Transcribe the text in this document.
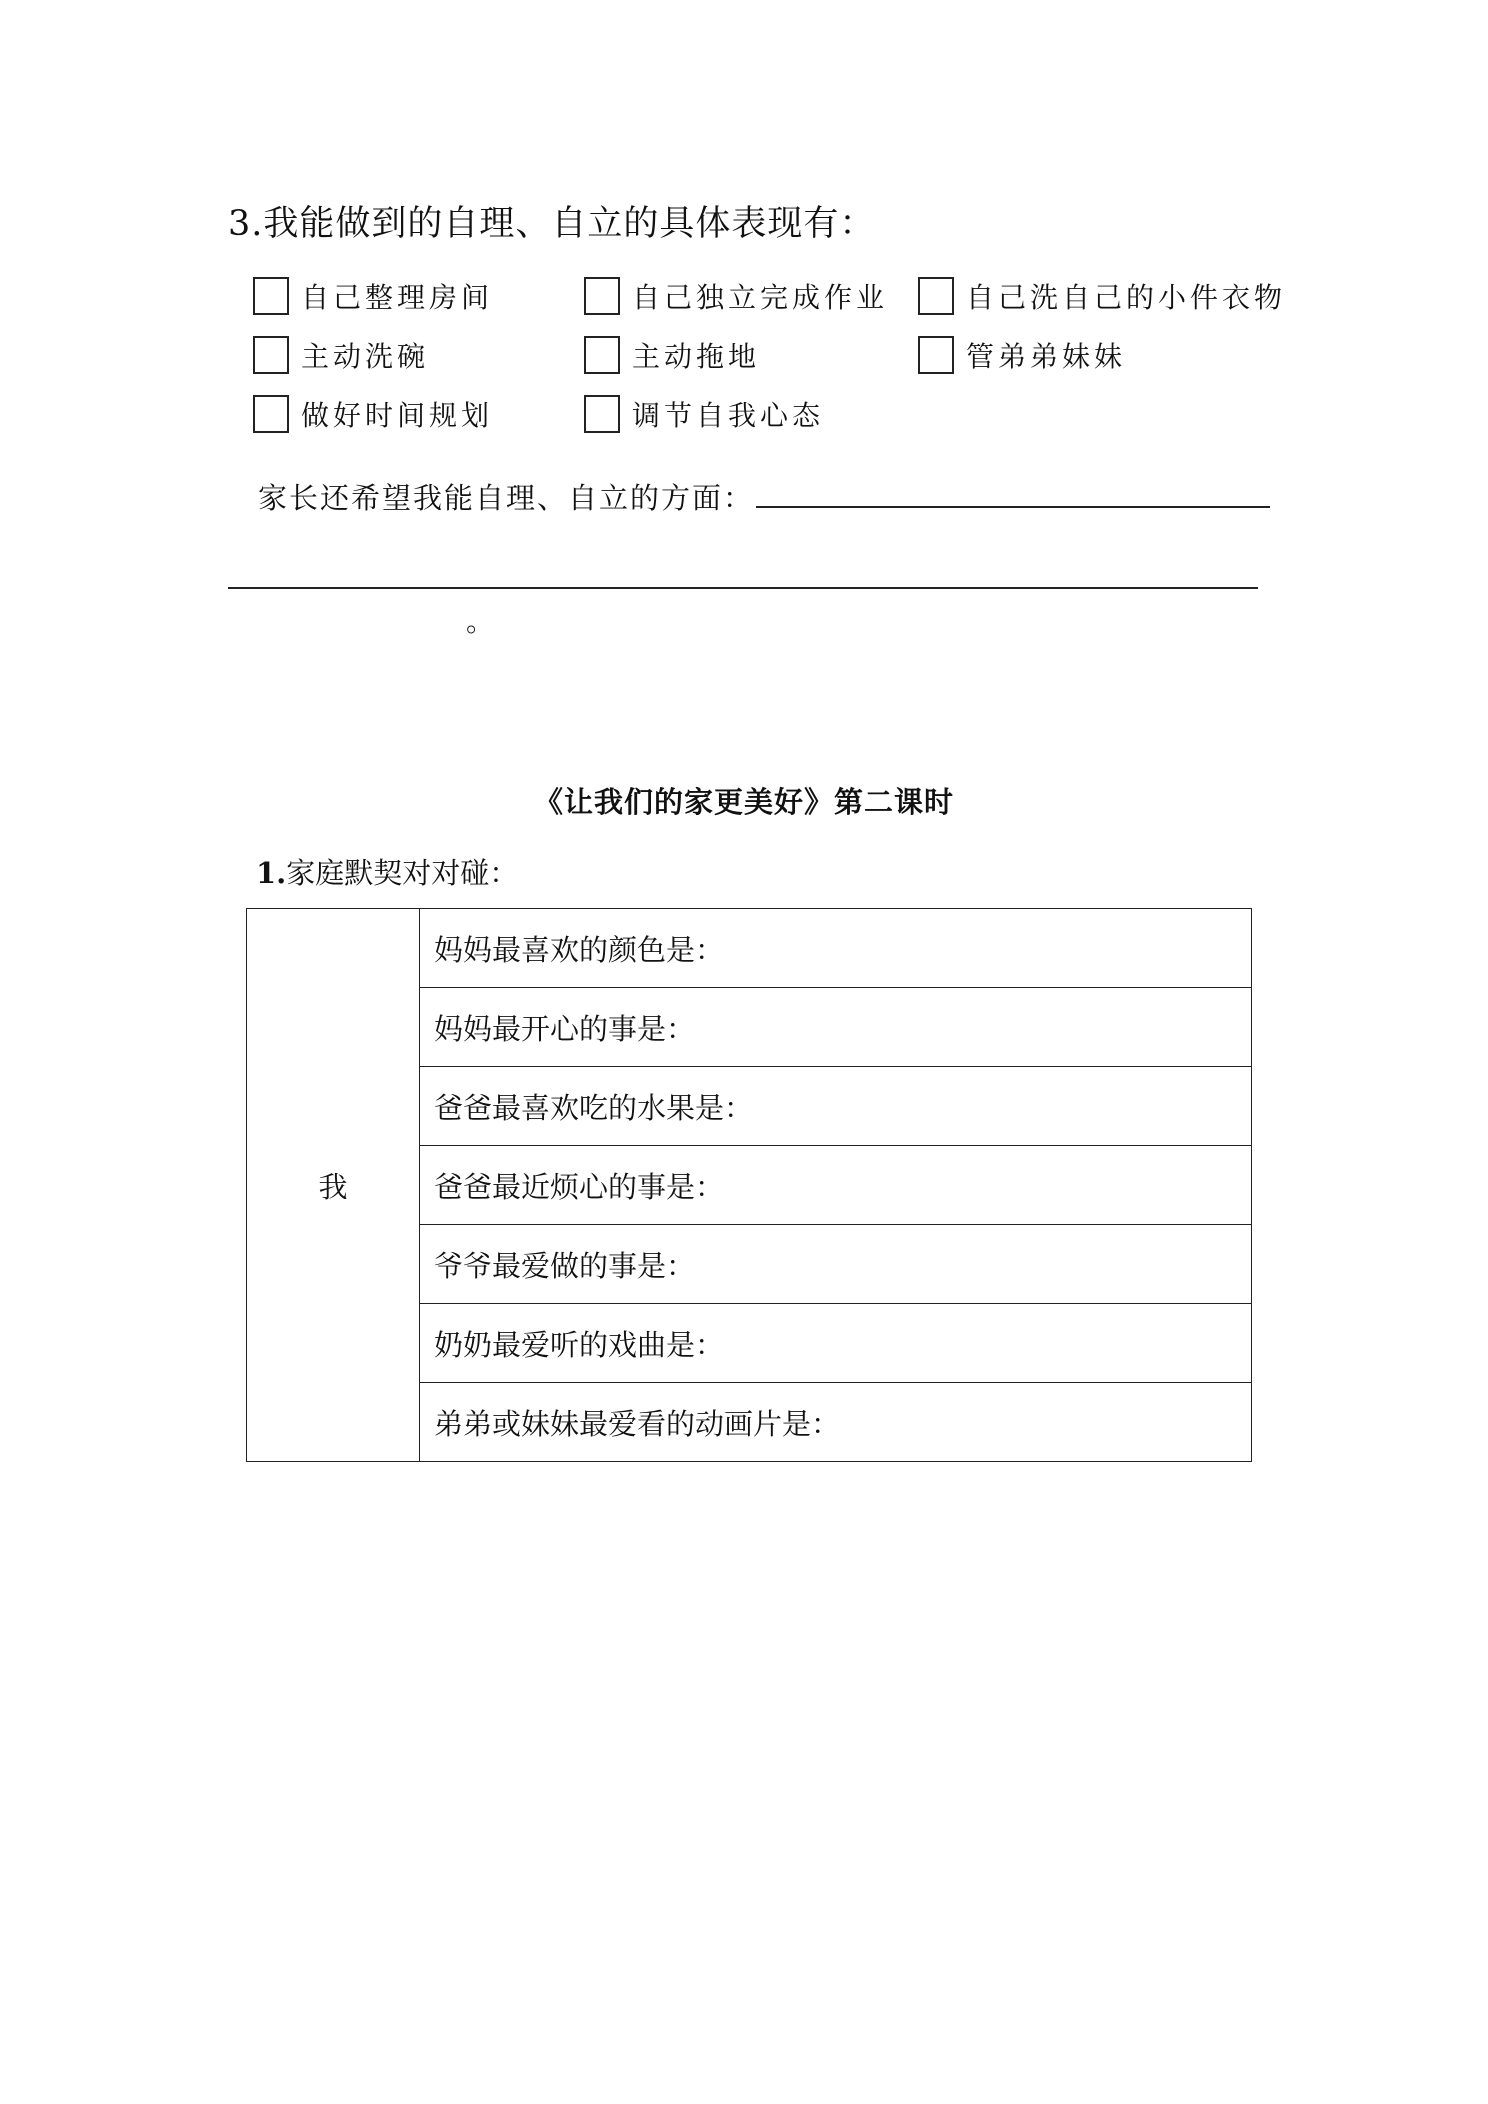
3.我能做到的自理、自立的具体表现有：
自己整理房间	自己独立完成作业	自己洗自己的小件衣物
主动洗碗	主动拖地	管弟弟妹妹
做好时间规划	调节自我心态
家长还希望我能自理、自立的方面：
。
《让我们的家更美好》第二课时
1.家庭默契对对碰：
我	妈妈最喜欢的颜色是：
妈妈最开心的事是：
爸爸最喜欢吃的水果是：
爸爸最近烦心的事是：
爷爷最爱做的事是：
奶奶最爱听的戏曲是：
弟弟或妹妹最爱看的动画片是：
